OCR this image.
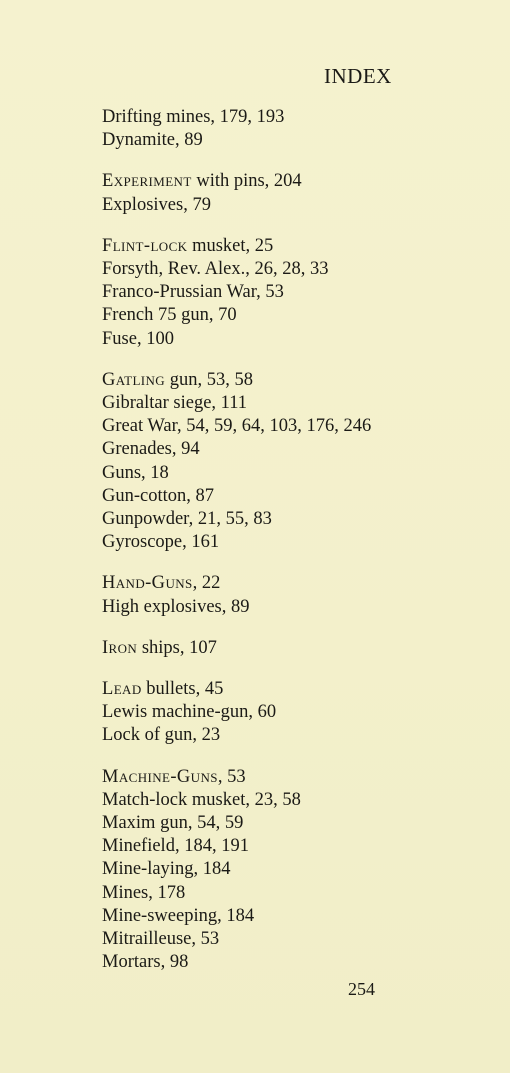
INDEX
Drifting mines, 179, 193
Dynamite, 89
Experiment with pins, 204
Explosives, 79
Flint-lock musket, 25
Forsyth, Rev. Alex., 26, 28, 33
Franco-Prussian War, 53
French 75 gun, 70
Fuse, 100
Gatling gun, 53, 58
Gibraltar siege, 111
Great War, 54, 59, 64, 103, 176, 246
Grenades, 94
Guns, 18
Gun-cotton, 87
Gunpowder, 21, 55, 83
Gyroscope, 161
Hand-Guns, 22
High explosives, 89
Iron ships, 107
Lead bullets, 45
Lewis machine-gun, 60
Lock of gun, 23
Machine-Guns, 53
Match-lock musket, 23, 58
Maxim gun, 54, 59
Minefield, 184, 191
Mine-laying, 184
Mines, 178
Mine-sweeping, 184
Mitrailleuse, 53
Mortars, 98
254
